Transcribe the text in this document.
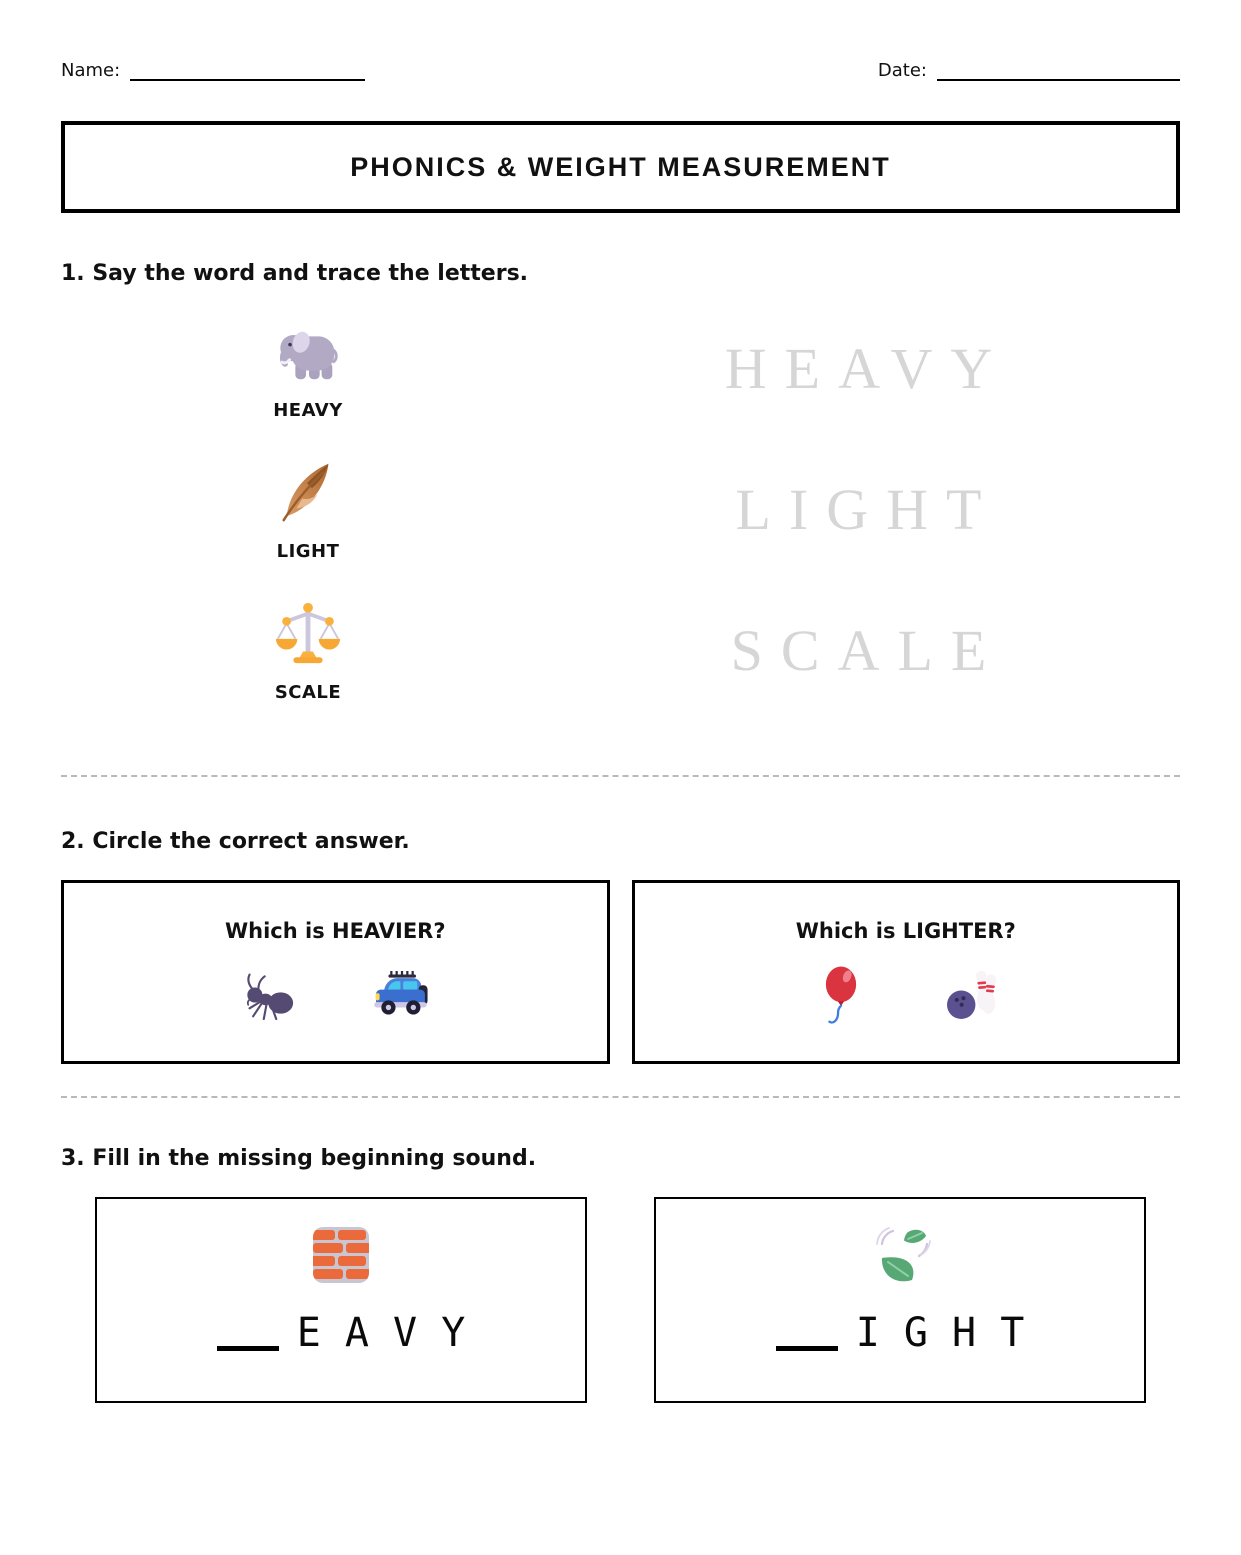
Name:	Date:
PHONICS & WEIGHT MEASUREMENT
1. Say the word and trace the letters.
HEAVY
HEAVY
LIGHT
LIGHT
SCALE
SCALE
2. Circle the correct answer.
Which is HEAVIER?	Which is LIGHTER?
3. Fill in the missing beginning sound.
E A V Y	I G H T
